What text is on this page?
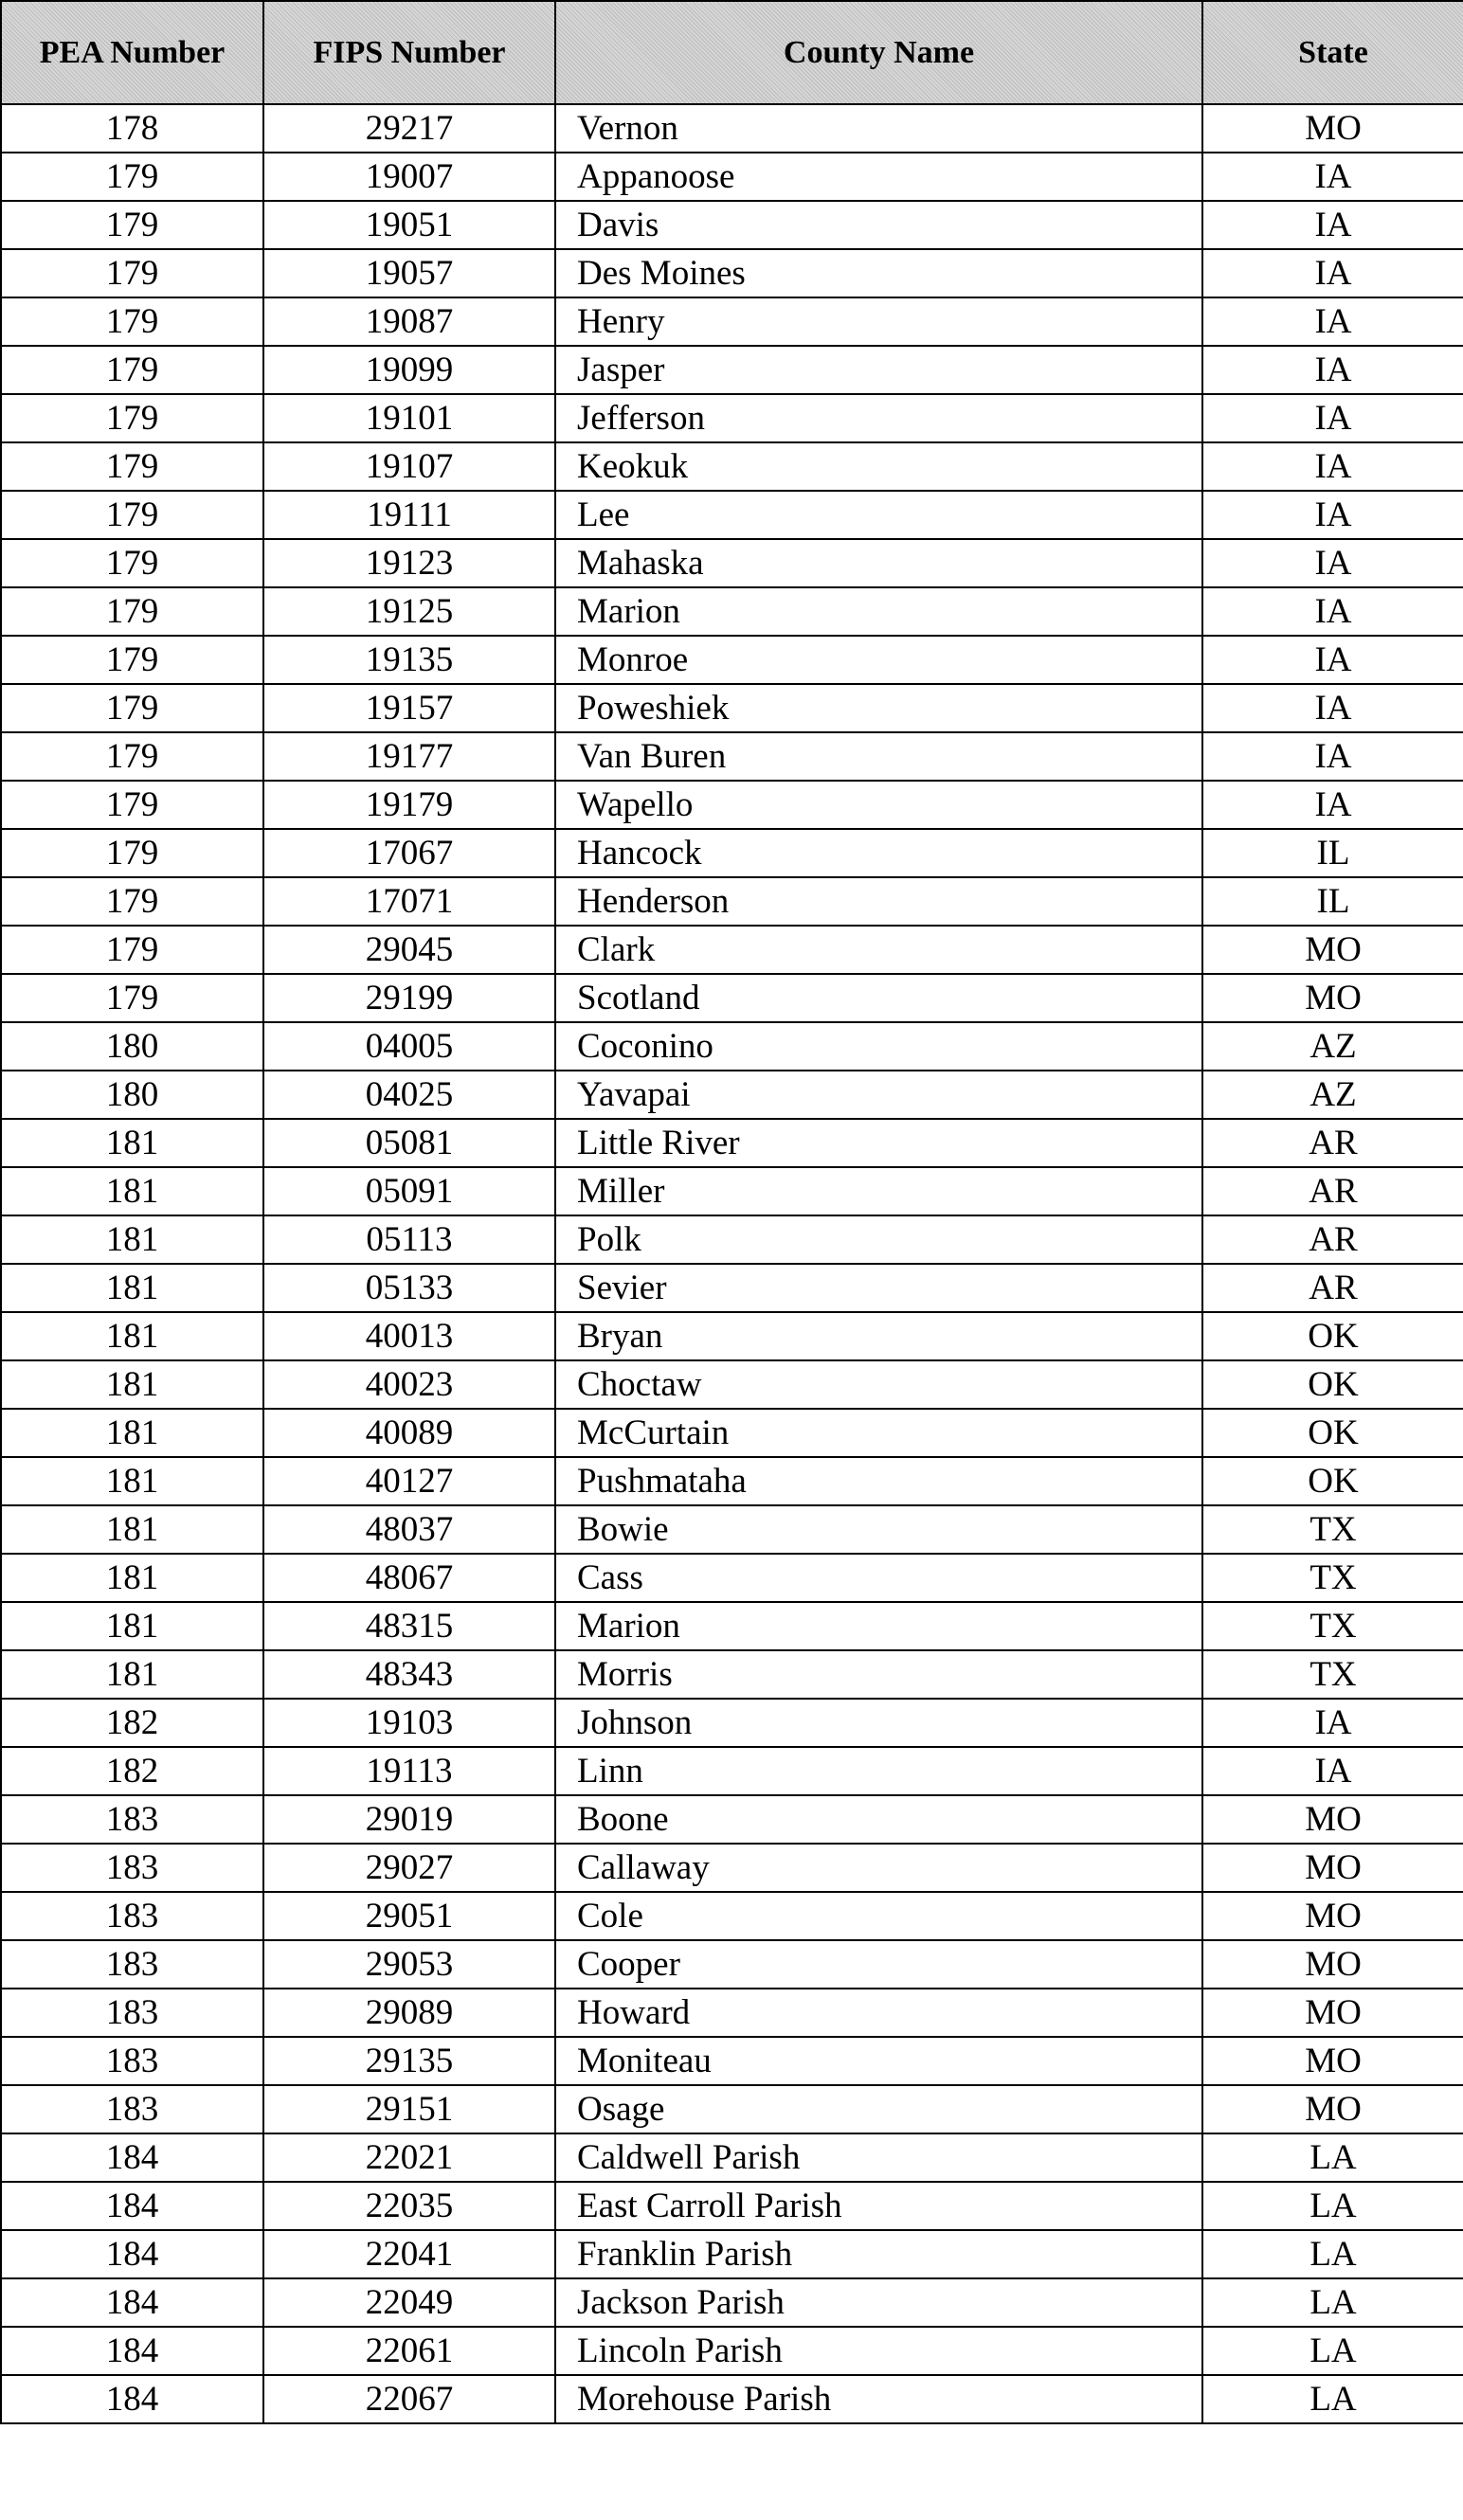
PEA Number	FIPS Number	County Name	State
178	29217	Vernon	MO
179	19007	Appanoose	IA
179	19051	Davis	IA
179	19057	Des Moines	IA
179	19087	Henry	IA
179	19099	Jasper	IA
179	19101	Jefferson	IA
179	19107	Keokuk	IA
179	19111	Lee	IA
179	19123	Mahaska	IA
179	19125	Marion	IA
179	19135	Monroe	IA
179	19157	Poweshiek	IA
179	19177	Van Buren	IA
179	19179	Wapello	IA
179	17067	Hancock	IL
179	17071	Henderson	IL
179	29045	Clark	MO
179	29199	Scotland	MO
180	04005	Coconino	AZ
180	04025	Yavapai	AZ
181	05081	Little River	AR
181	05091	Miller	AR
181	05113	Polk	AR
181	05133	Sevier	AR
181	40013	Bryan	OK
181	40023	Choctaw	OK
181	40089	McCurtain	OK
181	40127	Pushmataha	OK
181	48037	Bowie	TX
181	48067	Cass	TX
181	48315	Marion	TX
181	48343	Morris	TX
182	19103	Johnson	IA
182	19113	Linn	IA
183	29019	Boone	MO
183	29027	Callaway	MO
183	29051	Cole	MO
183	29053	Cooper	MO
183	29089	Howard	MO
183	29135	Moniteau	MO
183	29151	Osage	MO
184	22021	Caldwell Parish	LA
184	22035	East Carroll Parish	LA
184	22041	Franklin Parish	LA
184	22049	Jackson Parish	LA
184	22061	Lincoln Parish	LA
184	22067	Morehouse Parish	LA
